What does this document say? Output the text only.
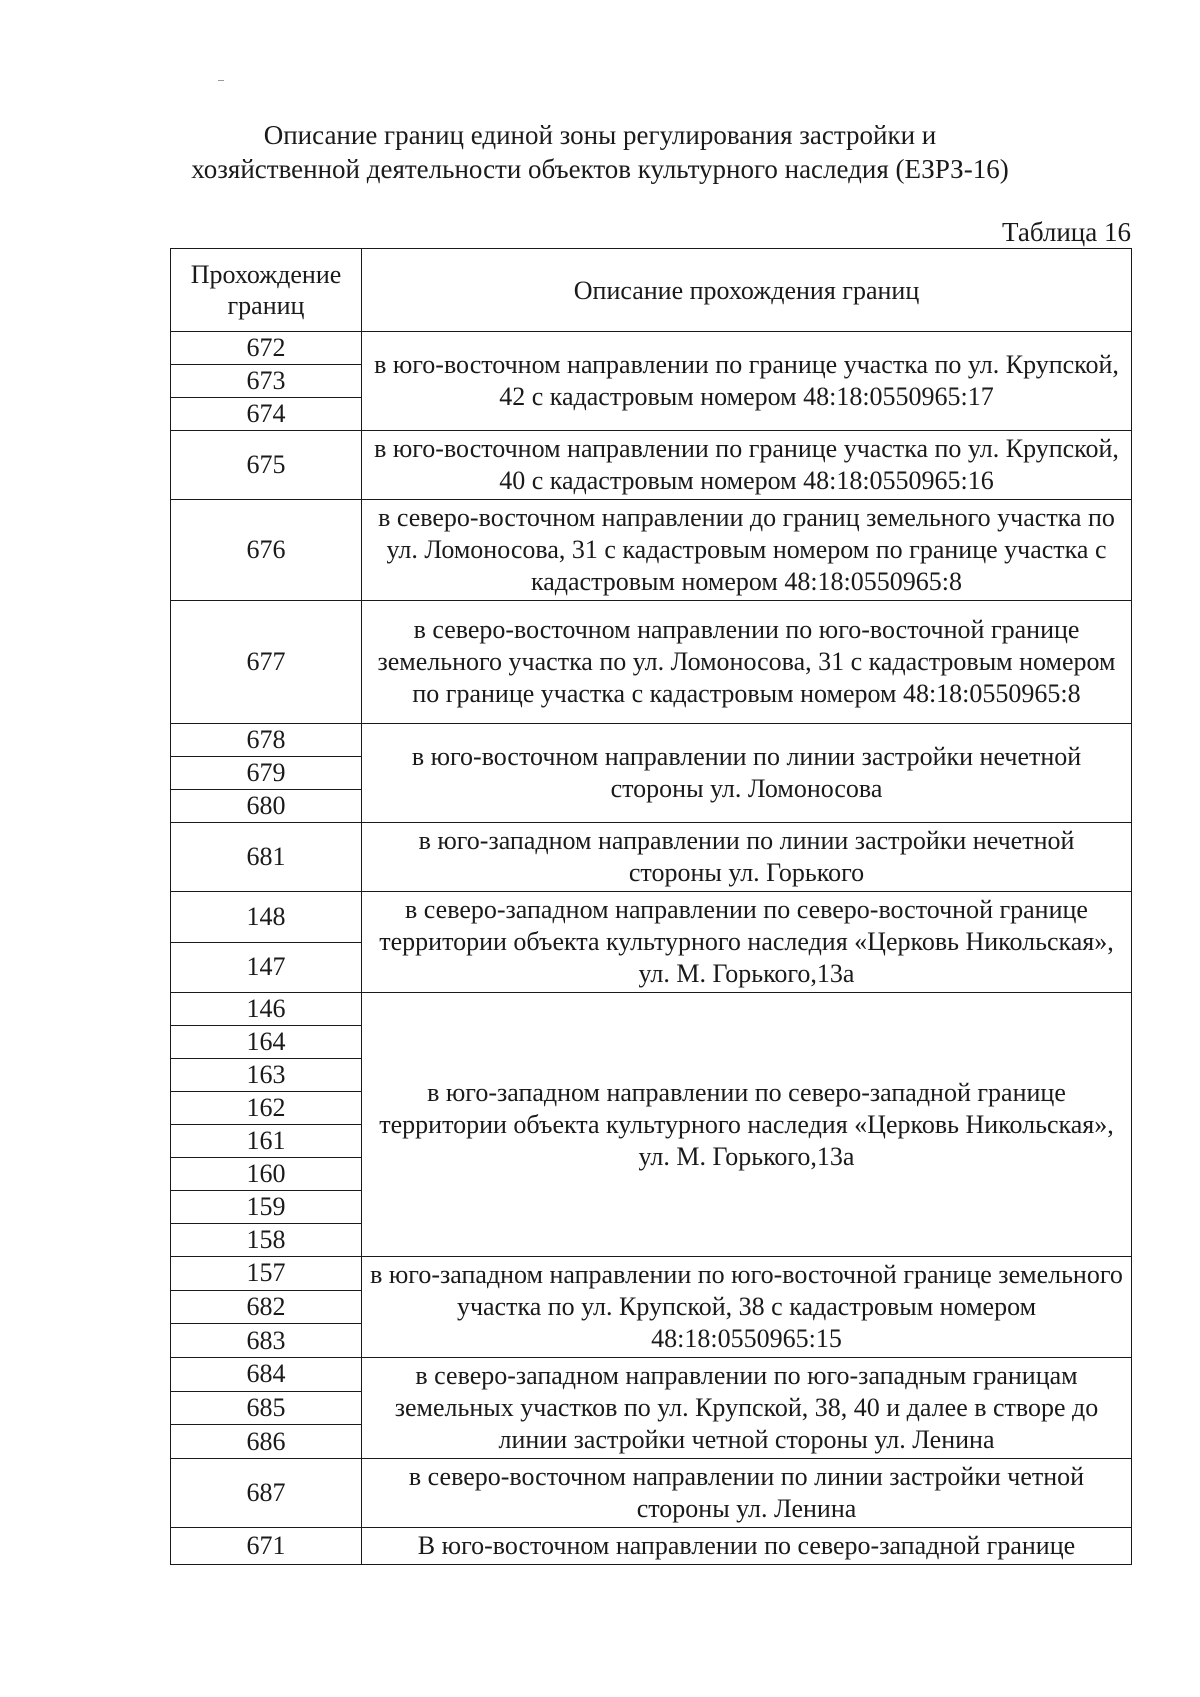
Описание границ единой зоны регулирования застройки и
хозяйственной деятельности объектов культурного наследия (ЕЗРЗ-16)
Таблица 16
Прохождение границ	Описание прохождения границ
672	в юго-восточном направлении по границе участка по ул. Крупской, 42 с кадастровым номером 48:18:0550965:17
673	
674	
675	в юго-восточном направлении по границе участка по ул. Крупской, 40 с кадастровым номером 48:18:0550965:16
676	в северо-восточном направлении до границ земельного участка по ул. Ломоносова, 31 с кадастровым номером по границе участка с кадастровым номером 48:18:0550965:8
677	в северо-восточном направлении по юго-восточной границе земельного участка по ул. Ломоносова, 31 с кадастровым номером по границе участка с кадастровым номером 48:18:0550965:8
678	в юго-восточном направлении по линии застройки нечетной стороны ул. Ломоносова
679	
680	
681	в юго-западном направлении по линии застройки нечетной стороны ул. Горького
148	в северо-западном направлении по северо-восточной границе территории объекта культурного наследия «Церковь Никольская», ул. М. Горького,13а
147	
146	в юго-западном направлении по северо-западной границе территории объекта культурного наследия «Церковь Никольская», ул. М. Горького,13а
164	
163	
162	
161	
160	
159	
158	
157	в юго-западном направлении по юго-восточной границе земельного участка по ул. Крупской, 38 с кадастровым номером 48:18:0550965:15
682	
683	
684	в северо-западном направлении по юго-западным границам земельных участков по ул. Крупской, 38, 40 и далее в створе до линии застройки четной стороны ул. Ленина
685	
686	
687	в северо-восточном направлении по линии застройки четной стороны ул. Ленина
671	В юго-восточном направлении по северо-западной границе
